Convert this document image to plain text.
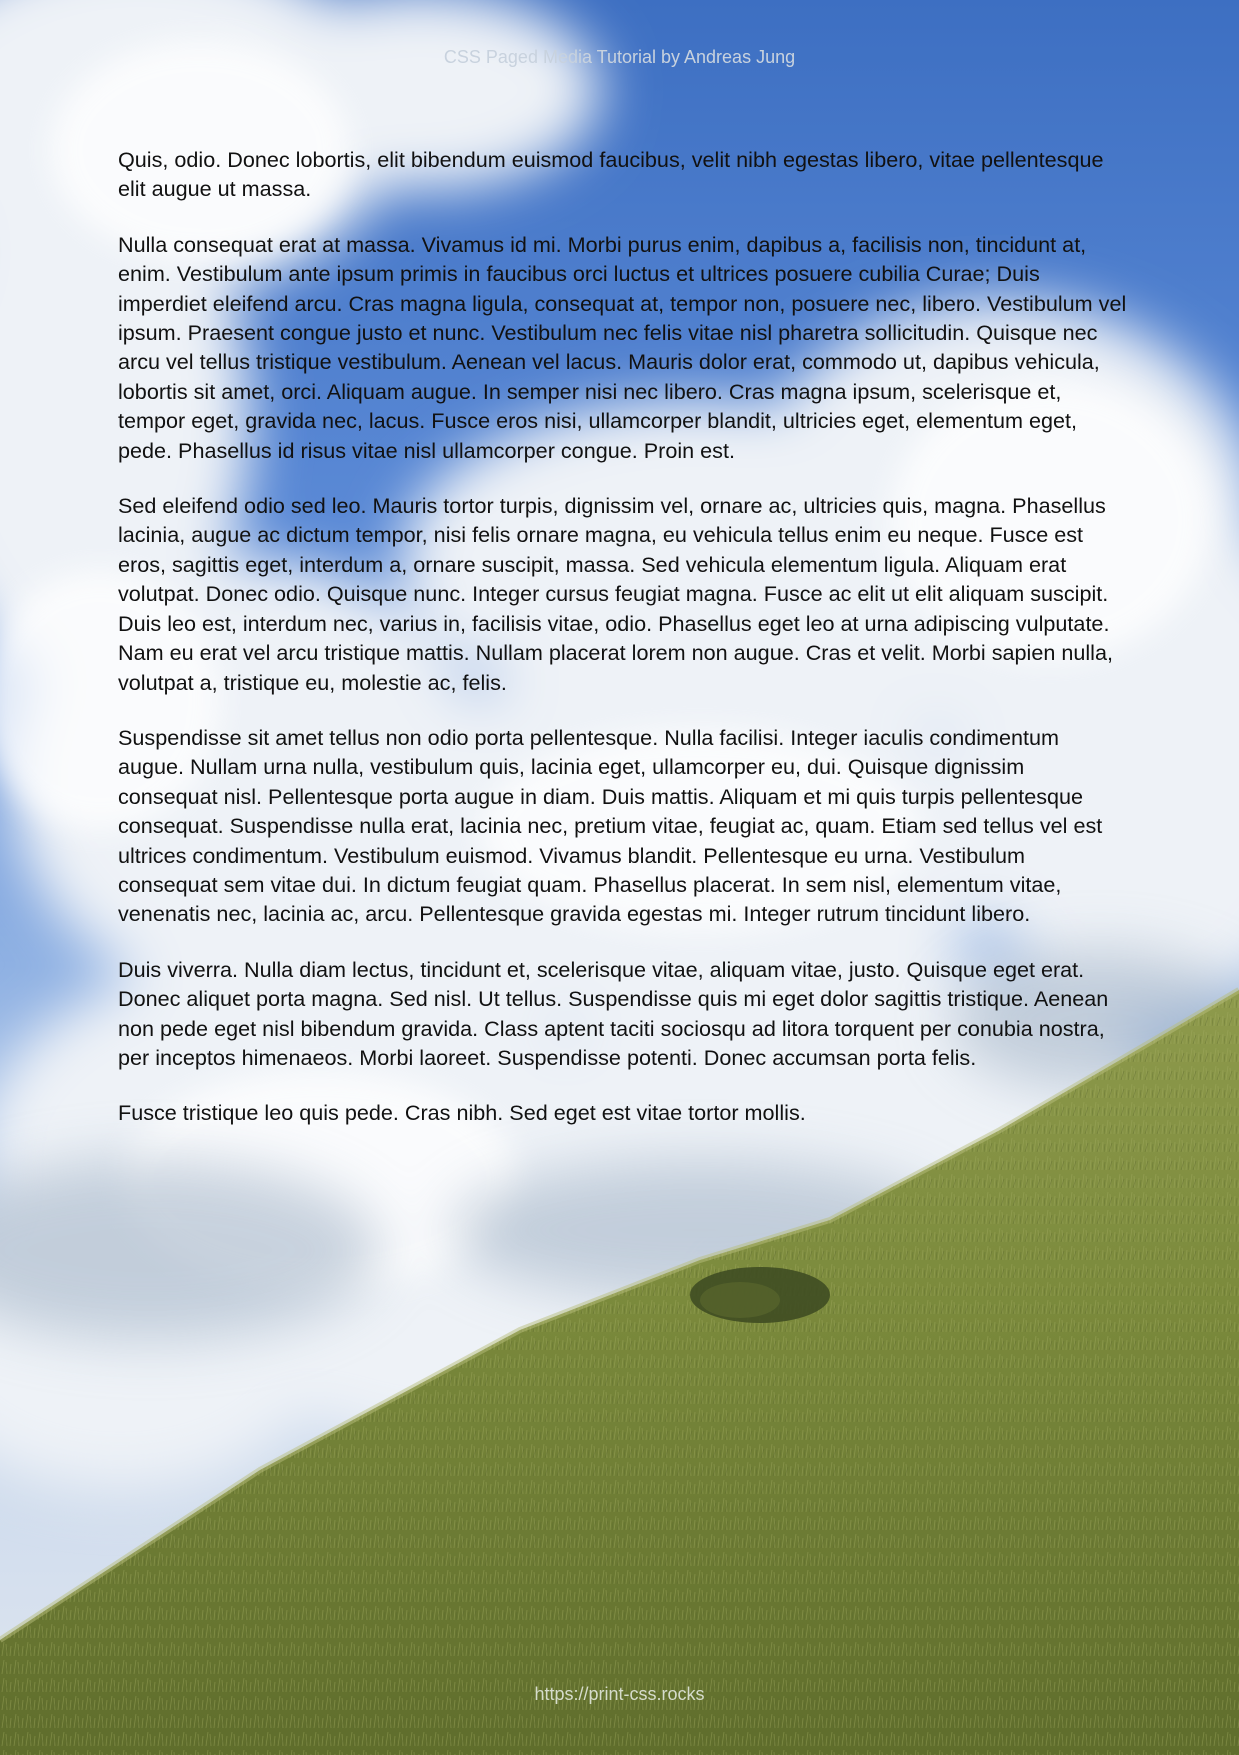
CSS Paged Media Tutorial by Andreas Jung

Quis, odio. Donec lobortis, elit bibendum euismod faucibus, velit nibh egestas libero, vitae pellentesque elit augue ut massa.

Nulla consequat erat at massa. Vivamus id mi. Morbi purus enim, dapibus a, facilisis non, tincidunt at, enim. Vestibulum ante ipsum primis in faucibus orci luctus et ultrices posuere cubilia Curae; Duis imperdiet eleifend arcu. Cras magna ligula, consequat at, tempor non, posuere nec, libero. Vestibulum vel ipsum. Praesent congue justo et nunc. Vestibulum nec felis vitae nisl pharetra sollicitudin. Quisque nec arcu vel tellus tristique vestibulum. Aenean vel lacus. Mauris dolor erat, commodo ut, dapibus vehicula, lobortis sit amet, orci. Aliquam augue. In semper nisi nec libero. Cras magna ipsum, scelerisque et, tempor eget, gravida nec, lacus. Fusce eros nisi, ullamcorper blandit, ultricies eget, elementum eget, pede. Phasellus id risus vitae nisl ullamcorper congue. Proin est.

Sed eleifend odio sed leo. Mauris tortor turpis, dignissim vel, ornare ac, ultricies quis, magna. Phasellus lacinia, augue ac dictum tempor, nisi felis ornare magna, eu vehicula tellus enim eu neque. Fusce est eros, sagittis eget, interdum a, ornare suscipit, massa. Sed vehicula elementum ligula. Aliquam erat volutpat. Donec odio. Quisque nunc. Integer cursus feugiat magna. Fusce ac elit ut elit aliquam suscipit. Duis leo est, interdum nec, varius in, facilisis vitae, odio. Phasellus eget leo at urna adipiscing vulputate. Nam eu erat vel arcu tristique mattis. Nullam placerat lorem non augue. Cras et velit. Morbi sapien nulla, volutpat a, tristique eu, molestie ac, felis.

Suspendisse sit amet tellus non odio porta pellentesque. Nulla facilisi. Integer iaculis condimentum augue. Nullam urna nulla, vestibulum quis, lacinia eget, ullamcorper eu, dui. Quisque dignissim consequat nisl. Pellentesque porta augue in diam. Duis mattis. Aliquam et mi quis turpis pellentesque consequat. Suspendisse nulla erat, lacinia nec, pretium vitae, feugiat ac, quam. Etiam sed tellus vel est ultrices condimentum. Vestibulum euismod. Vivamus blandit. Pellentesque eu urna. Vestibulum consequat sem vitae dui. In dictum feugiat quam. Phasellus placerat. In sem nisl, elementum vitae, venenatis nec, lacinia ac, arcu. Pellentesque gravida egestas mi. Integer rutrum tincidunt libero.

Duis viverra. Nulla diam lectus, tincidunt et, scelerisque vitae, aliquam vitae, justo. Quisque eget erat. Donec aliquet porta magna. Sed nisl. Ut tellus. Suspendisse quis mi eget dolor sagittis tristique. Aenean non pede eget nisl bibendum gravida. Class aptent taciti sociosqu ad litora torquent per conubia nostra, per inceptos himenaeos. Morbi laoreet. Suspendisse potenti. Donec accumsan porta felis.

Fusce tristique leo quis pede. Cras nibh. Sed eget est vitae tortor mollis.

https://print-css.rocks
